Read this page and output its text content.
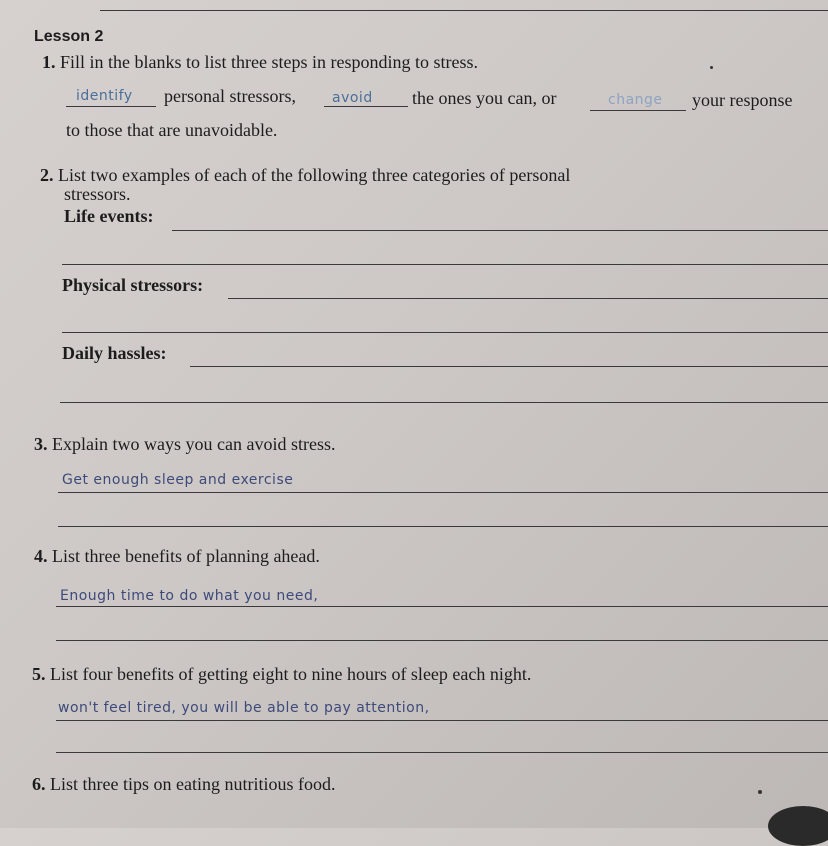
Lesson 2
1. Fill in the blanks to list three steps in responding to stress.
identify personal stressors,	avoid the ones you can, or	change your response
to those that are unavoidable.
2. List two examples of each of the following three categories of personal
stressors.
Life events:
Physical stressors:
Daily hassles:
3. Explain two ways you can avoid stress.
Get enough sleep and exercise
4. List three benefits of planning ahead.
Enough time to do what you need,
5. List four benefits of getting eight to nine hours of sleep each night.
won't feel tired, you will be able to pay attention,
6. List three tips on eating nutritious food.
